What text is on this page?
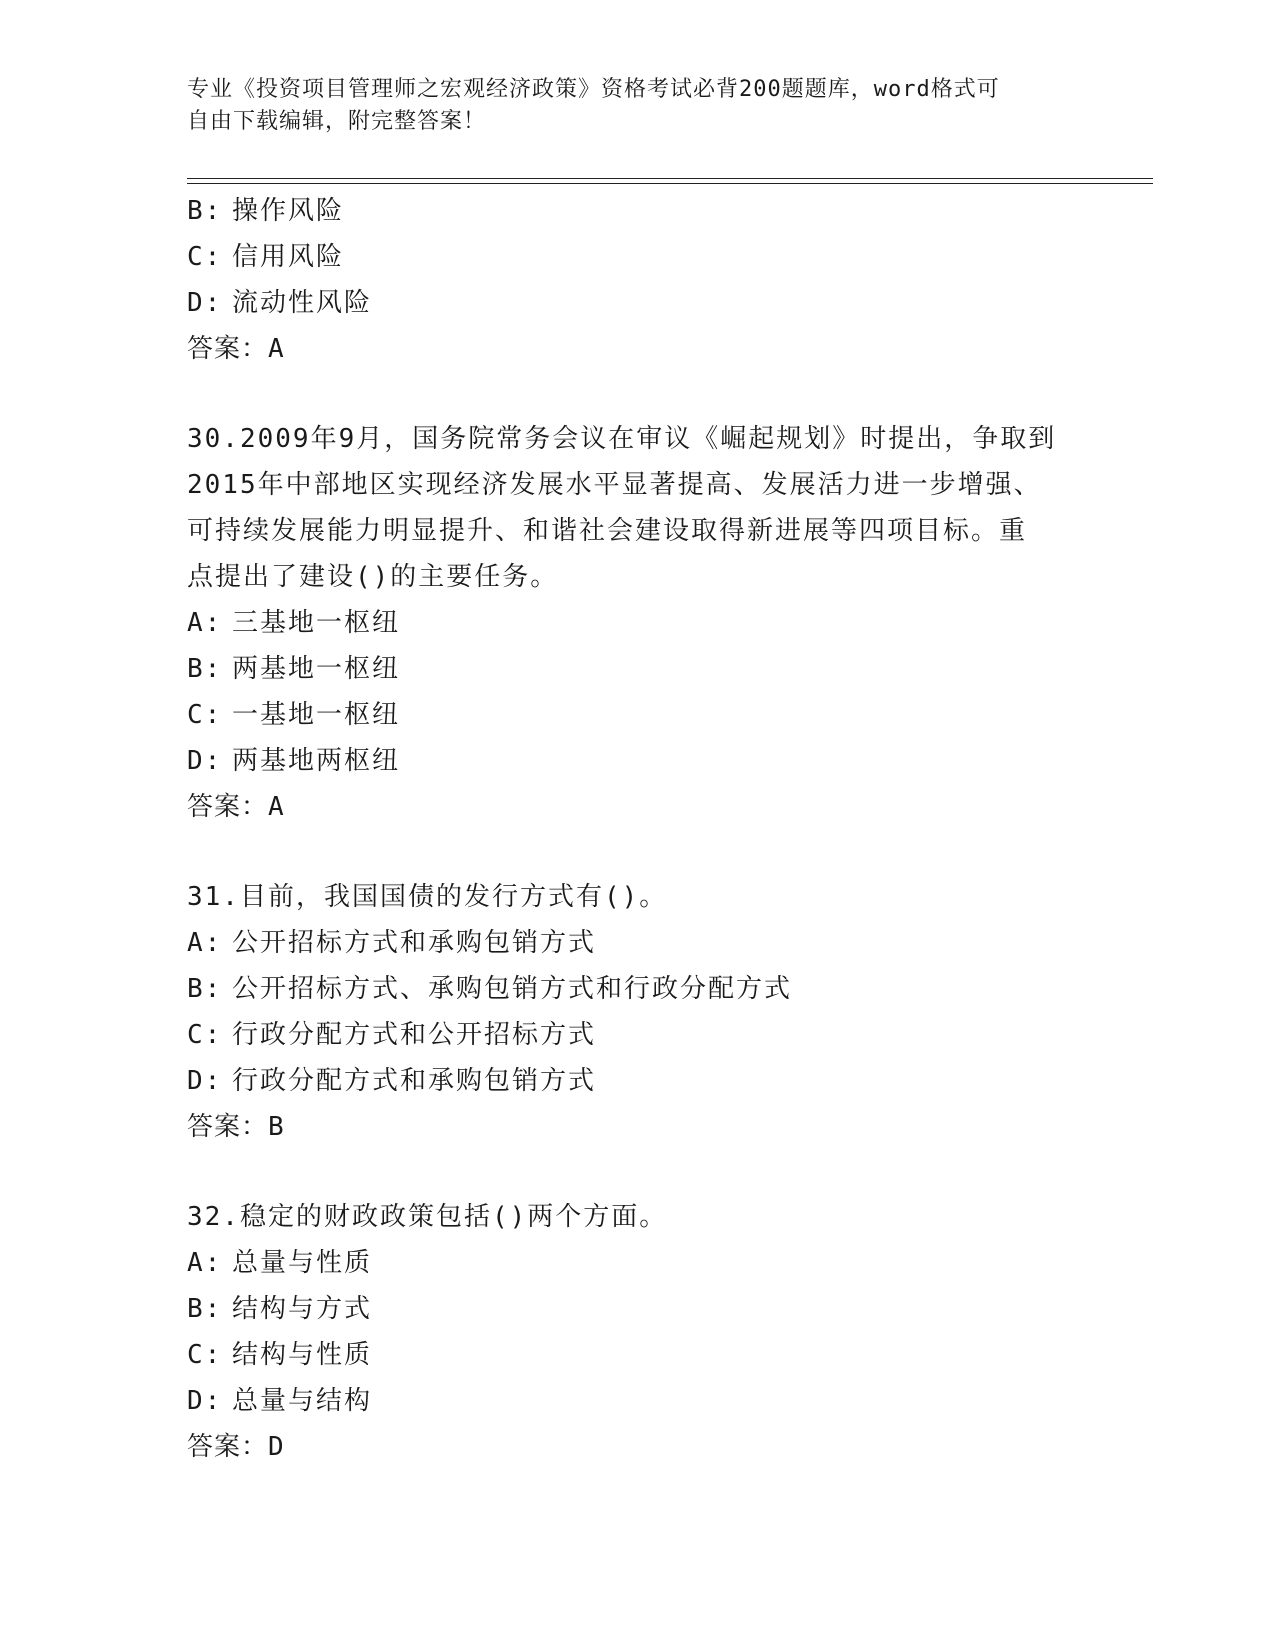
专业《投资项目管理师之宏观经济政策》资格考试必背200题题库，word格式可
自由下载编辑，附完整答案！
B: 操作风险
C: 信用风险
D: 流动性风险
答案：A
30.2009年9月，国务院常务会议在审议《崛起规划》时提出，争取到
2015年中部地区实现经济发展水平显著提高、发展活力进一步增强、
可持续发展能力明显提升、和谐社会建设取得新进展等四项目标。重
点提出了建设()的主要任务。
A: 三基地一枢纽
B: 两基地一枢纽
C: 一基地一枢纽
D: 两基地两枢纽
答案：A
31.目前，我国国债的发行方式有()。
A: 公开招标方式和承购包销方式
B: 公开招标方式、承购包销方式和行政分配方式
C: 行政分配方式和公开招标方式
D: 行政分配方式和承购包销方式
答案：B
32.稳定的财政政策包括()两个方面。
A: 总量与性质
B: 结构与方式
C: 结构与性质
D: 总量与结构
答案：D
